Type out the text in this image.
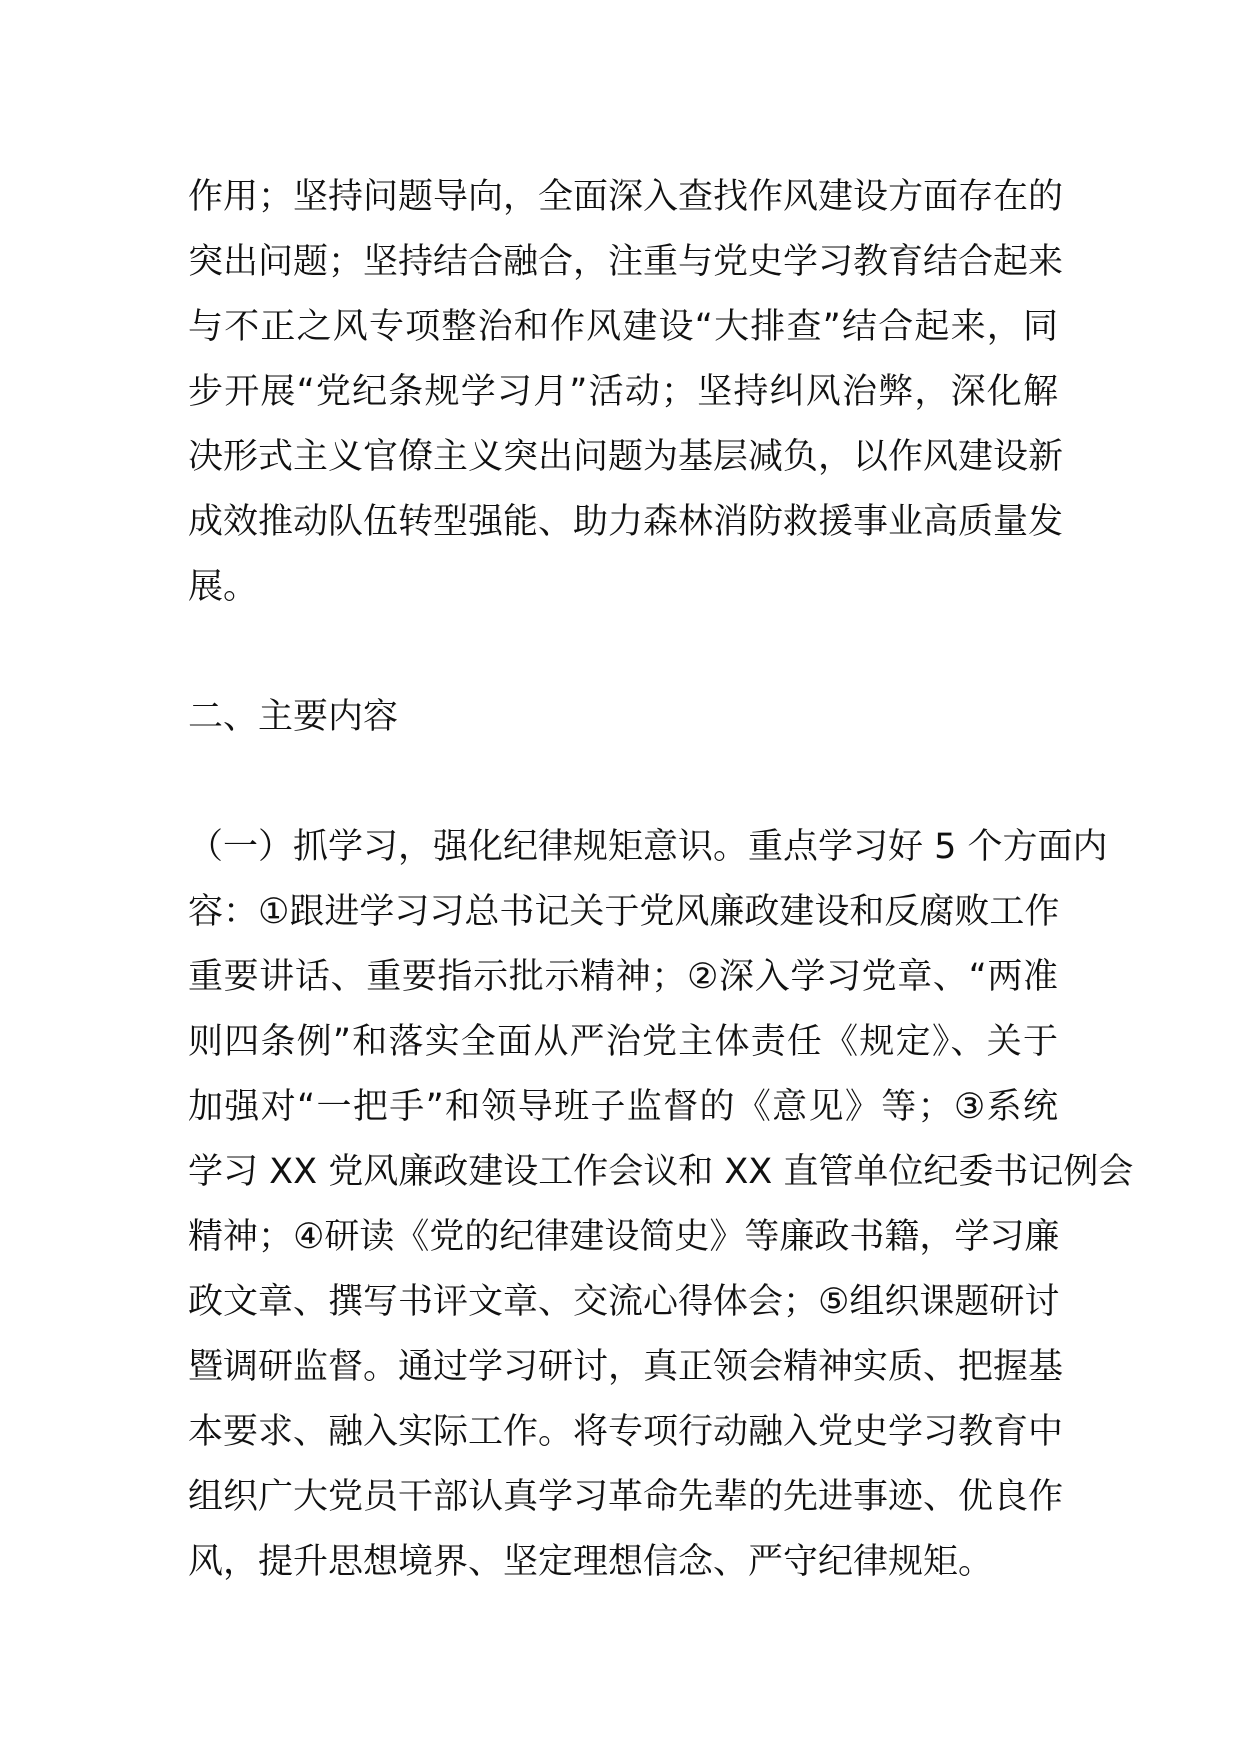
作用；坚持问题导向，全面深入查找作风建设方面存在的
突出问题；坚持结合融合，注重与党史学习教育结合起来
与不正之风专项整治和作风建设“大排查”结合起来，同
步开展“党纪条规学习月”活动；坚持纠风治弊，深化解
决形式主义官僚主义突出问题为基层减负，以作风建设新
成效推动队伍转型强能、助力森林消防救援事业高质量发
展。
二、主要内容
（一）抓学习，强化纪律规矩意识。重点学习好 5 个方面内
容：①跟进学习习总书记关于党风廉政建设和反腐败工作
重要讲话、重要指示批示精神；②深入学习党章、“两准
则四条例”和落实全面从严治党主体责任《规定》、关于
加强对“一把手”和领导班子监督的《意见》等；③系统
学习 XX 党风廉政建设工作会议和 XX 直管单位纪委书记例会
精神；④研读《党的纪律建设简史》等廉政书籍，学习廉
政文章、撰写书评文章、交流心得体会；⑤组织课题研讨
暨调研监督。通过学习研讨，真正领会精神实质、把握基
本要求、融入实际工作。将专项行动融入党史学习教育中
组织广大党员干部认真学习革命先辈的先进事迹、优良作
风，提升思想境界、坚定理想信念、严守纪律规矩。
